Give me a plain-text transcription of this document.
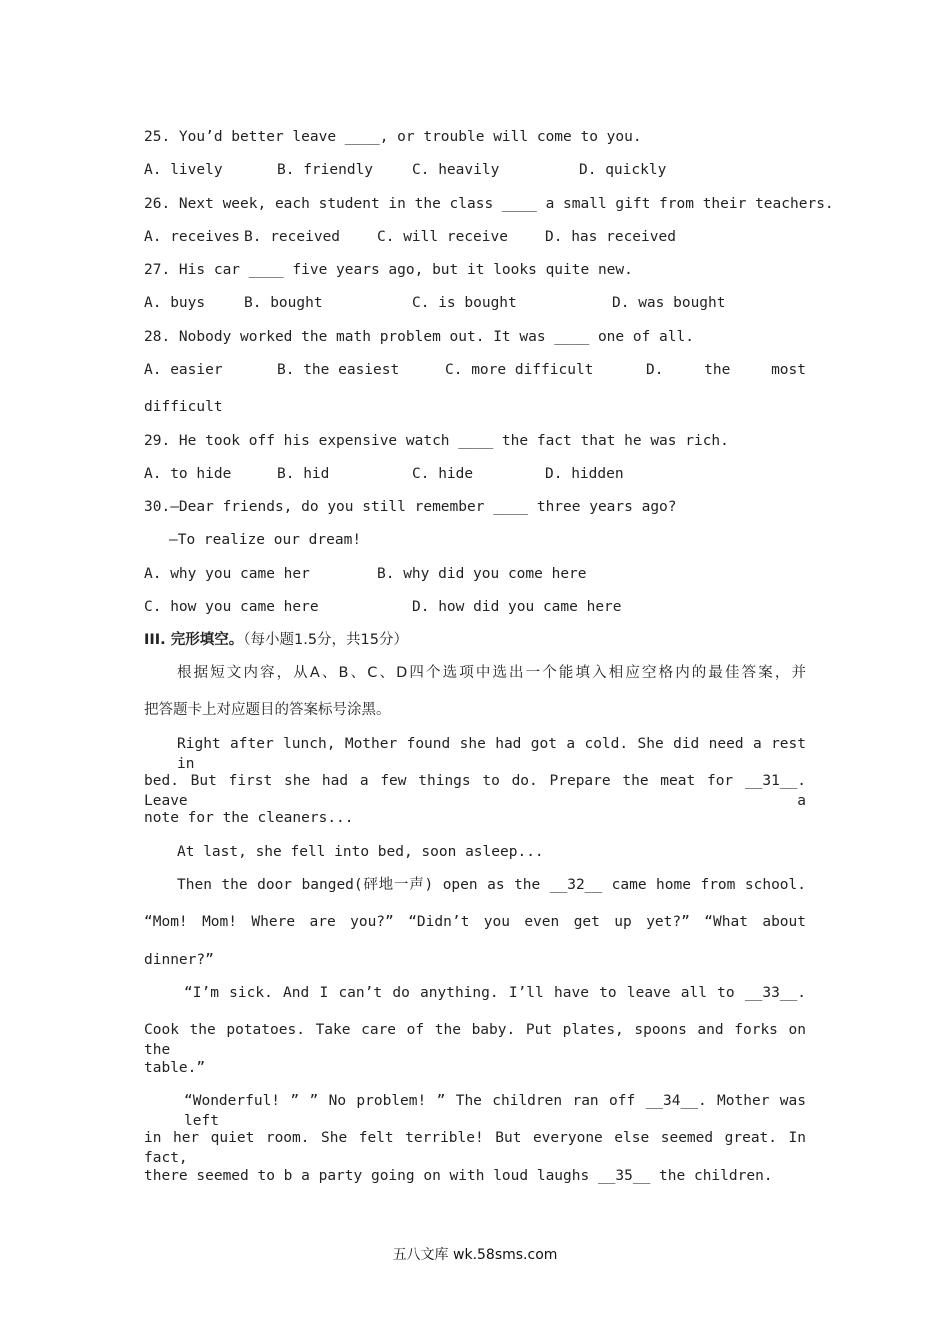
25. You’d better leave ____, or trouble will come to you.
A. lively	B. friendly	C. heavily	D. quickly
26. Next week, each student in the class ____ a small gift from their teachers.
A. receives B. received	C. will receive	D. has received
27. His car ____ five years ago, but it looks quite new.
A. buys	B. bought	C. is bought	D. was bought
28. Nobody worked the math problem out. It was ____ one of all.
A. easier	B. the easiest	C. more difficult	D. the most
difficult
29. He took off his expensive watch ____ the fact that he was rich.
A. to hide	B. hid	C. hide	D. hidden
30.—Dear friends, do you still remember ____ three years ago?
—To realize our dream!
A. why you came her	B. why did you come here
C. how you came here	D. how did you came here
III. 完形填空。（每小题1.5分，共15分）
根据短文内容，从A、B、C、D四个选项中选出一个能填入相应空格内的最佳答案，并
把答题卡上对应题目的答案标号涂黑。
Right after lunch, Mother found she had got a cold. She did need a rest in
bed. But first she had a few things to do. Prepare the meat for __31__. Leave a
note for the cleaners...
At last, she fell into bed, soon asleep...
Then the door banged(砰地一声) open as the __32__ came home from school.
“Mom! Mom! Where are you?” “Didn’t you even get up yet?” “What about
dinner?”
“I’m sick. And I can’t do anything. I’ll have to leave all to __33__.
Cook the potatoes. Take care of the baby. Put plates, spoons and forks on the
table.”
“Wonderful! ” ” No problem! ” The children ran off __34__. Mother was left
in her quiet room. She felt terrible! But everyone else seemed great. In fact,
there seemed to b a party going on with loud laughs __35__ the children.
五八文库 wk.58sms.com
